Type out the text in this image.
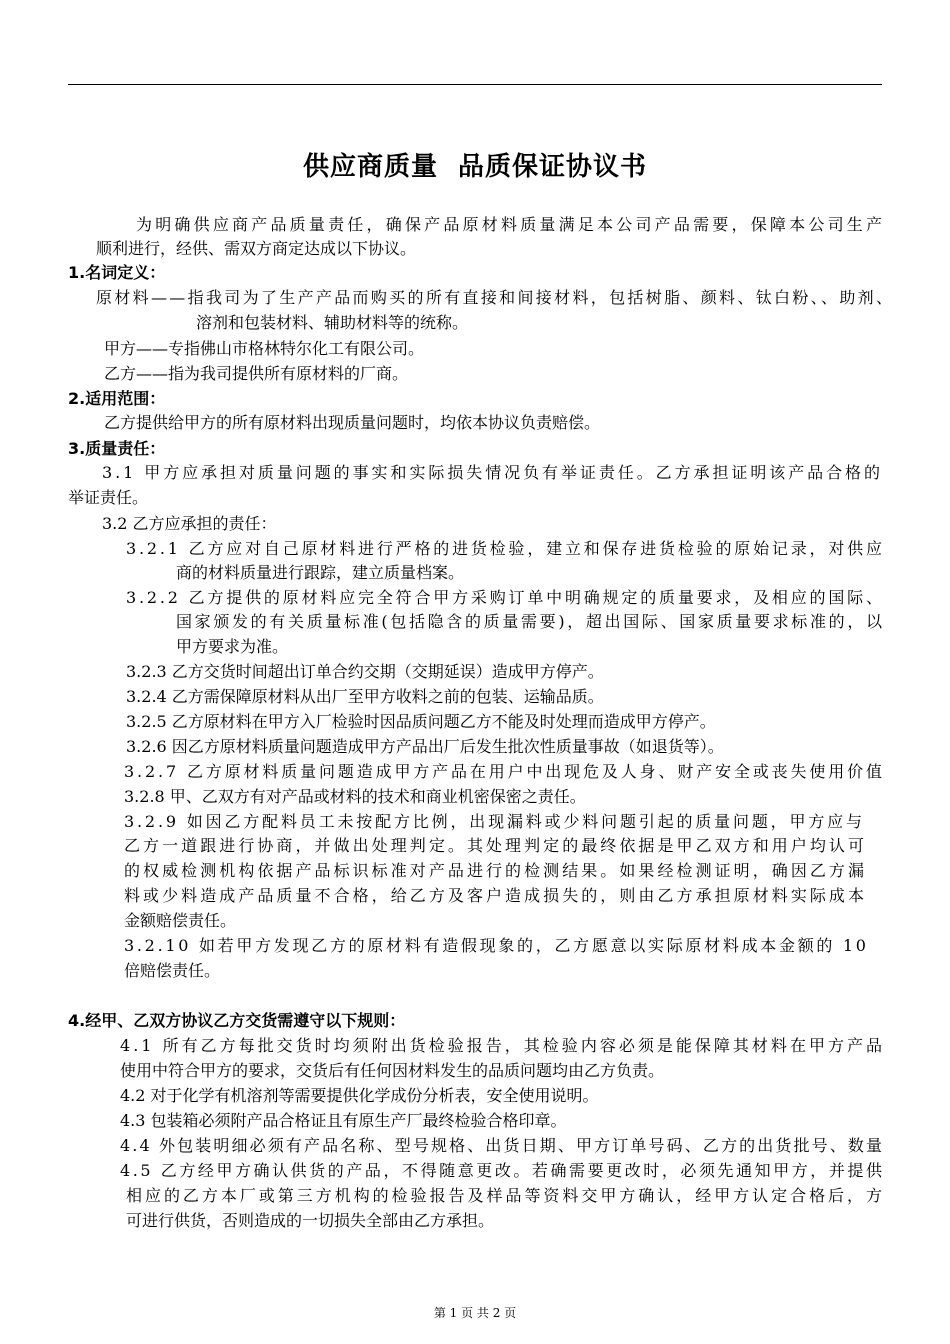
供应商质量  品质保证协议书
为明确供应商产品质量责任，确保产品原材料质量满足本公司产品需要，保障本公司生产
顺利进行，经供、需双方商定达成以下协议。
1.名词定义：
原材料——指我司为了生产产品而购买的所有直接和间接材料，包括树脂、颜料、钛白粉、、助剂、
溶剂和包装材料、辅助材料等的统称。
甲方——专指佛山市格林特尔化工有限公司。
乙方——指为我司提供所有原材料的厂商。
2.适用范围：
乙方提供给甲方的所有原材料出现质量问题时，均依本协议负责赔偿。
3.质量责任：
3.1 甲方应承担对质量问题的事实和实际损失情况负有举证责任。乙方承担证明该产品合格的
举证责任。
3.2 乙方应承担的责任：
3.2.1 乙方应对自己原材料进行严格的进货检验，建立和保存进货检验的原始记录，对供应
商的材料质量进行跟踪，建立质量档案。
3.2.2 乙方提供的原材料应完全符合甲方采购订单中明确规定的质量要求，及相应的国际、
国家颁发的有关质量标准(包括隐含的质量需要)，超出国际、国家质量要求标准的，以
甲方要求为准。
3.2.3 乙方交货时间超出订单合约交期（交期延误）造成甲方停产。
3.2.4 乙方需保障原材料从出厂至甲方收料之前的包装、运输品质。
3.2.5 乙方原材料在甲方入厂检验时因品质问题乙方不能及时处理而造成甲方停产。
3.2.6 因乙方原材料质量问题造成甲方产品出厂后发生批次性质量事故（如退货等）。
3.2.7 乙方原材料质量问题造成甲方产品在用户中出现危及人身、财产安全或丧失使用价值
3.2.8 甲、乙双方有对产品或材料的技术和商业机密保密之责任。
3.2.9 如因乙方配料员工未按配方比例，出现漏料或少料问题引起的质量问题，甲方应与
乙方一道跟进行协商，并做出处理判定。其处理判定的最终依据是甲乙双方和用户均认可
的权威检测机构依据产品标识标准对产品进行的检测结果。如果经检测证明，确因乙方漏
料或少料造成产品质量不合格，给乙方及客户造成损失的，则由乙方承担原材料实际成本
金额赔偿责任。
3.2.10 如若甲方发现乙方的原材料有造假现象的，乙方愿意以实际原材料成本金额的 10
倍赔偿责任。
4.经甲、乙双方协议乙方交货需遵守以下规则：
4.1 所有乙方每批交货时均须附出货检验报告，其检验内容必须是能保障其材料在甲方产品
使用中符合甲方的要求，交货后有任何因材料发生的品质问题均由乙方负责。
4.2 对于化学有机溶剂等需要提供化学成份分析表，安全使用说明。
4.3 包装箱必须附产品合格证且有原生产厂最终检验合格印章。
4.4 外包装明细必须有产品名称、型号规格、出货日期、甲方订单号码、乙方的出货批号、数量
4.5 乙方经甲方确认供货的产品，不得随意更改。若确需要更改时，必须先通知甲方，并提供
相应的乙方本厂或第三方机构的检验报告及样品等资料交甲方确认，经甲方认定合格后，方
可进行供货，否则造成的一切损失全部由乙方承担。
第 1 页 共 2 页
